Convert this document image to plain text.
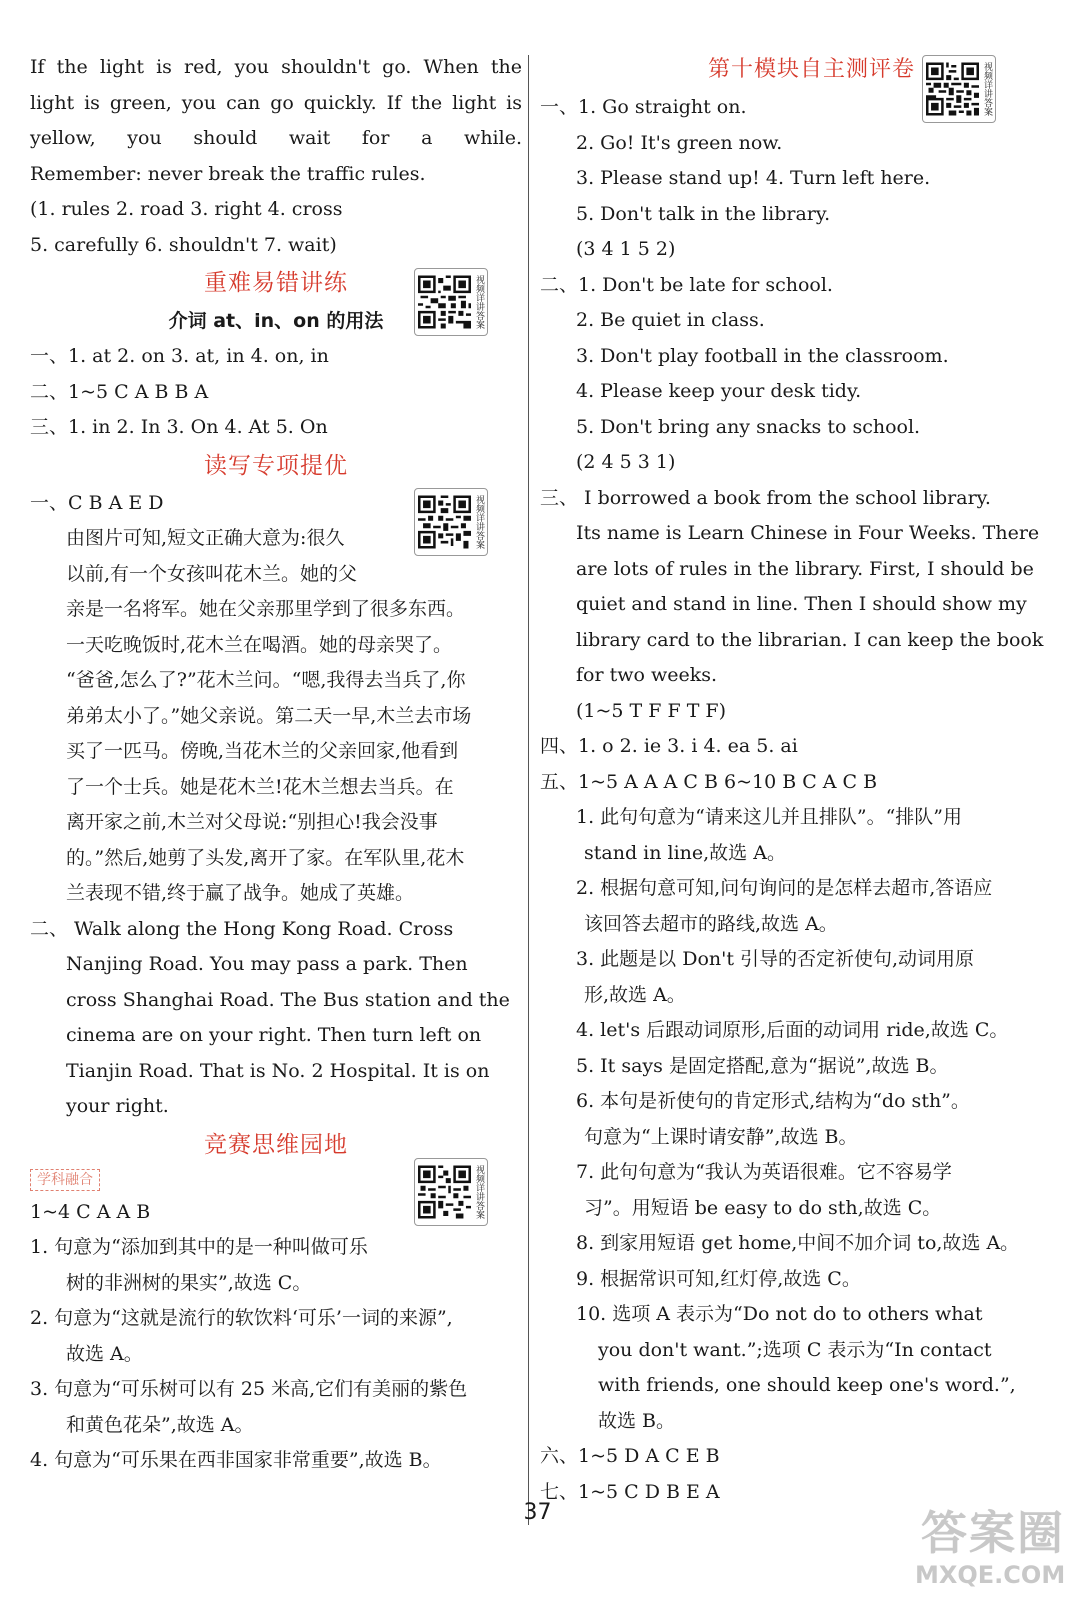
If the light is red, you shouldn't go. When the
light is green, you can go quickly. If the light is
yellow, you should wait for a while.
Remember: never break the traffic rules.
(1. rules 2. road 3. right 4. cross
5. carefully 6. shouldn't 7. wait)
重难易错讲练
介词 at、in、on 的用法
一、1. at 2. on 3. at, in 4. on, in
二、1~5 C A B B A
三、1. in 2. In 3. On 4. At 5. On
读写专项提优
一、C B A E D
由图片可知,短文正确大意为:很久
以前,有一个女孩叫花木兰。她的父
亲是一名将军。她在父亲那里学到了很多东西。
一天吃晚饭时,花木兰在喝酒。她的母亲哭了。
“爸爸,怎么了?”花木兰问。“嗯,我得去当兵了,你
弟弟太小了。”她父亲说。第二天一早,木兰去市场
买了一匹马。傍晚,当花木兰的父亲回家,他看到
了一个士兵。她是花木兰!花木兰想去当兵。在
离开家之前,木兰对父母说:“别担心!我会没事
的。”然后,她剪了头发,离开了家。在军队里,花木
兰表现不错,终于赢了战争。她成了英雄。
二、 Walk along the Hong Kong Road. Cross
Nanjing Road. You may pass a park. Then
cross Shanghai Road. The Bus station and the
cinema are on your right. Then turn left on
Tianjin Road. That is No. 2 Hospital. It is on
your right.
竞赛思维园地
学科融合
1~4 C A A B
1. 句意为“添加到其中的是一种叫做可乐
树的非洲树的果实”,故选 C。
2. 句意为“这就是流行的软饮料‘可乐’一词的来源”,
故选 A。
3. 句意为“可乐树可以有 25 米高,它们有美丽的紫色
和黄色花朵”,故选 A。
4. 句意为“可乐果在西非国家非常重要”,故选 B。
第十模块自主测评卷
一、1. Go straight on.
2. Go! It's green now.
3. Please stand up! 4. Turn left here.
5. Don't talk in the library.
(3 4 1 5 2)
二、1. Don't be late for school.
2. Be quiet in class.
3. Don't play football in the classroom.
4. Please keep your desk tidy.
5. Don't bring any snacks to school.
(2 4 5 3 1)
三、 I borrowed a book from the school library.
Its name is Learn Chinese in Four Weeks. There
are lots of rules in the library. First, I should be
quiet and stand in line. Then I should show my
library card to the librarian. I can keep the book
for two weeks.
(1~5 T F F T F)
四、1. o 2. ie 3. i 4. ea 5. ai
五、1~5 A A A C B 6~10 B C A C B
1. 此句句意为“请来这儿并且排队”。“排队”用
stand in line,故选 A。
2. 根据句意可知,问句询问的是怎样去超市,答语应
该回答去超市的路线,故选 A。
3. 此题是以 Don't 引导的否定祈使句,动词用原
形,故选 A。
4. let's 后跟动词原形,后面的动词用 ride,故选 C。
5. It says 是固定搭配,意为“据说”,故选 B。
6. 本句是祈使句的肯定形式,结构为“do sth”。
句意为“上课时请安静”,故选 B。
7. 此句句意为“我认为英语很难。它不容易学
习”。用短语 be easy to do sth,故选 C。
8. 到家用短语 get home,中间不加介词 to,故选 A。
9. 根据常识可知,红灯停,故选 C。
10. 选项 A 表示为“Do not do to others what
you don't want.”;选项 C 表示为“In contact
with friends, one should keep one's word.”,
故选 B。
六、1~5 D A C E B
七、1~5 C D B E A
视频详讲答案
视频详讲答案
视频详讲答案
视频详讲答案
37	答案圈
MXQE.COM
